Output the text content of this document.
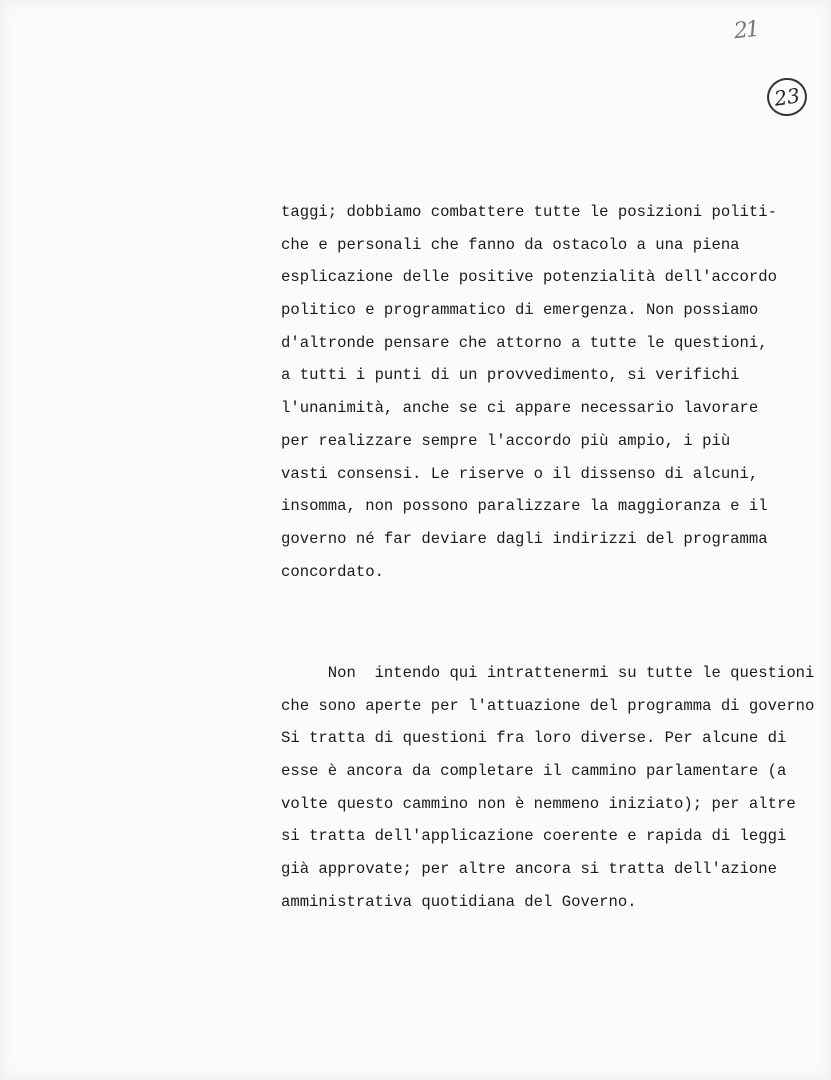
21
23
taggi; dobbiamo combattere tutte le posizioni politi-
che e personali che fanno da ostacolo a una piena
esplicazione delle positive potenzialità dell'accordo
politico e programmatico di emergenza. Non possiamo
d'altronde pensare che attorno a tutte le questioni,
a tutti i punti di un provvedimento, si verifichi
l'unanimità, anche se ci appare necessario lavorare
per realizzare sempre l'accordo più ampio, i più
vasti consensi. Le riserve o il dissenso di alcuni,
insomma, non possono paralizzare la maggioranza e il
governo né far deviare dagli indirizzi del programma
concordato.
Non  intendo qui intrattenermi su tutte le questioni
che sono aperte per l'attuazione del programma di governo
Si tratta di questioni fra loro diverse. Per alcune di
esse è ancora da completare il cammino parlamentare (a
volte questo cammino non è nemmeno iniziato); per altre
si tratta dell'applicazione coerente e rapida di leggi
già approvate; per altre ancora si tratta dell'azione
amministrativa quotidiana del Governo.
